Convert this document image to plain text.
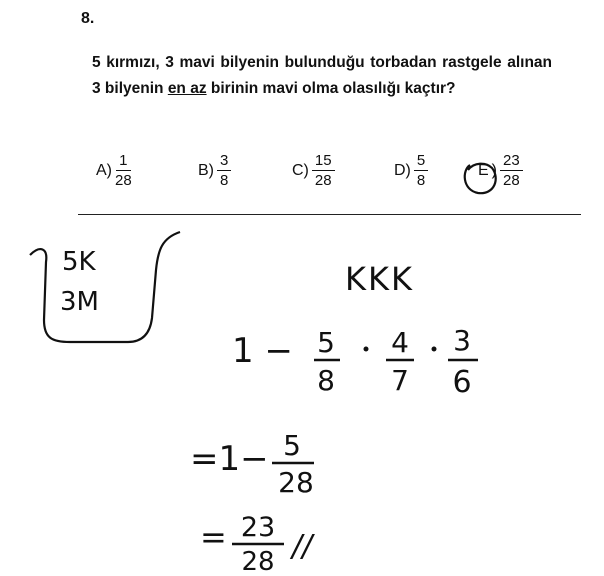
8.
5 kırmızı, 3 mavi bilyenin bulunduğu torbadan rastgele alınan 3 bilyenin en az birinin mavi olma olasılığı kaçtır?
$A) \frac{1}{28}$	$B) \frac{3}{8}$	$C) \frac{15}{28}$	$D) \frac{5}{8}$	E ) $\frac{23}{28}$
5K
3M
KKK
1 − 5
8
4
7
3
6
=1− 5
28
= 23
28 //
